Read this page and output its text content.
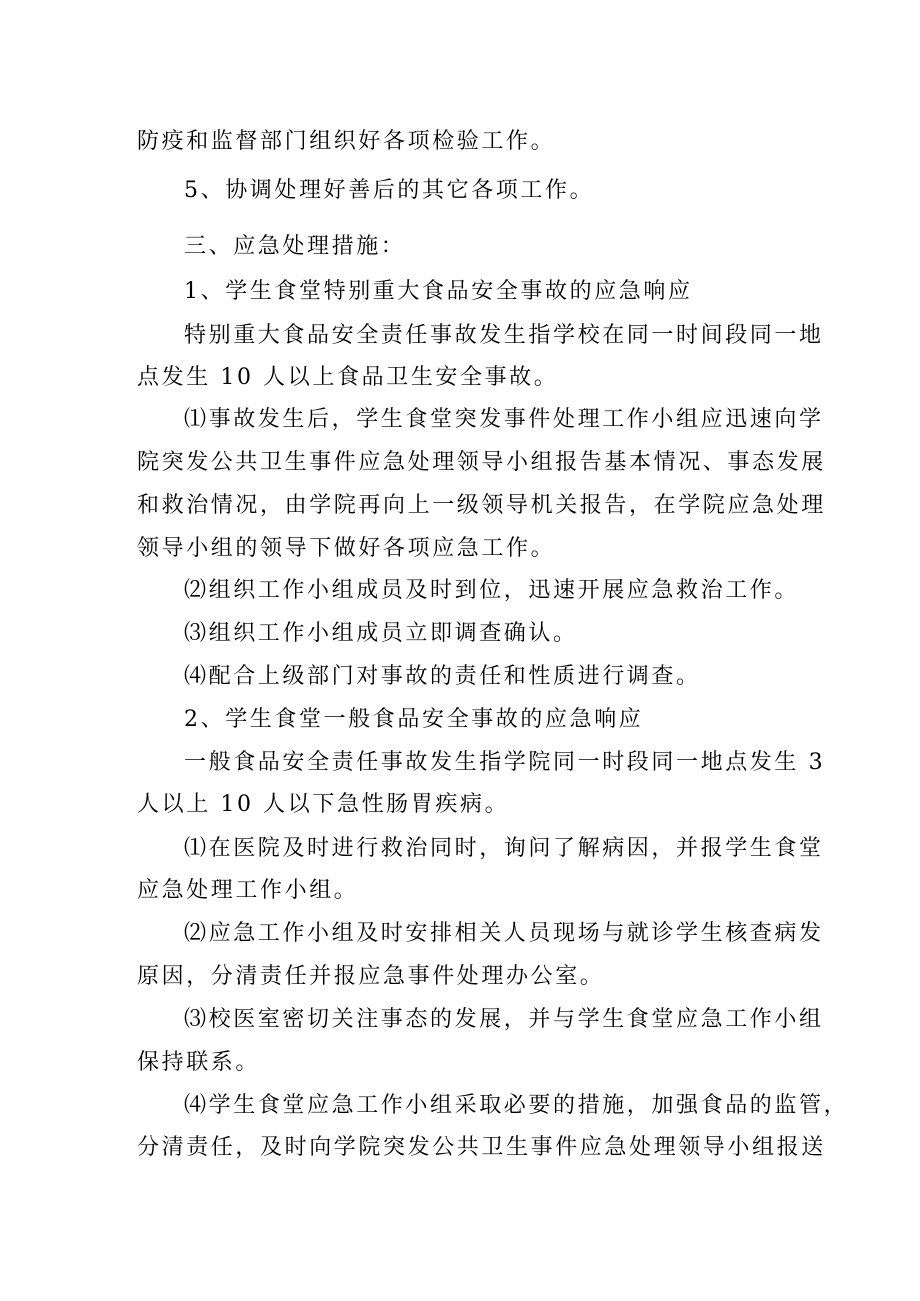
防疫和监督部门组织好各项检验工作。
5、协调处理好善后的其它各项工作。
三、应急处理措施：
1、学生食堂特别重大食品安全事故的应急响应
特别重大食品安全责任事故发生指学校在同一时间段同一地
点发生 10 人以上食品卫生安全事故。
⑴事故发生后，学生食堂突发事件处理工作小组应迅速向学
院突发公共卫生事件应急处理领导小组报告基本情况、事态发展
和救治情况，由学院再向上一级领导机关报告，在学院应急处理
领导小组的领导下做好各项应急工作。
⑵组织工作小组成员及时到位，迅速开展应急救治工作。
⑶组织工作小组成员立即调查确认。
⑷配合上级部门对事故的责任和性质进行调查。
2、学生食堂一般食品安全事故的应急响应
一般食品安全责任事故发生指学院同一时段同一地点发生 3
人以上 10 人以下急性肠胃疾病。
⑴在医院及时进行救治同时，询问了解病因，并报学生食堂
应急处理工作小组。
⑵应急工作小组及时安排相关人员现场与就诊学生核查病发
原因，分清责任并报应急事件处理办公室。
⑶校医室密切关注事态的发展，并与学生食堂应急工作小组
保持联系。
⑷学生食堂应急工作小组采取必要的措施，加强食品的监管，
分清责任，及时向学院突发公共卫生事件应急处理领导小组报送
